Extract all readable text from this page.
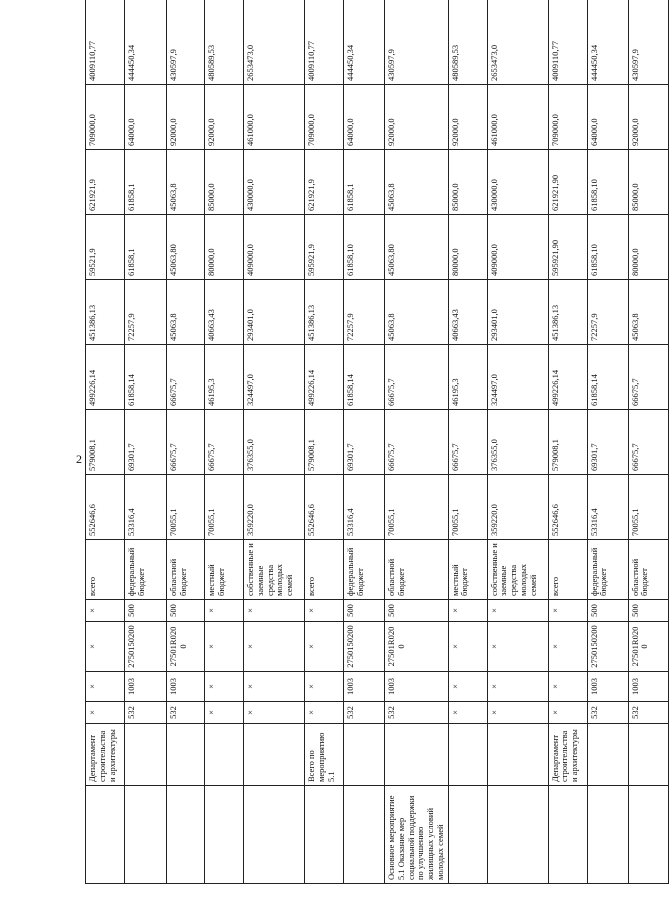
2
	Департамент строительства и архитектуры	×	×	×	×	всего	552646,6	579008,1	499226,14	451386,13	59521,9	621921,9	709000,0	4009110,77
		532	1003	2750150200	500	федеральный бюджет	53316,4	69301,7	61858,14	72257,9	61858,1	61858,1	64000,0	444450,34
		532	1003	27501R0200	500	областной бюджет	70055,1	66675,7	66675,7	45063,8	45063,80	45063,8	92000,0	430597,9
		×	×	×	×	местный бюджет	70055,1	66675,7	46195,3	40663,43	80000,0	85000,0	92000,0	480589,53
		×	×	×	×	собственные и заемные средства молодых семей	359220,0	376355,0	324497,0	293401,0	409000,0	430000,0	461000,0	2653473,0
	Всего по мероприятию 5.1	×	×	×	×	всего	552646,6	579008,1	499226,14	451386,13	595921,9	621921,9	709000,0	4009110,77
		532	1003	2750150200	500	федеральный бюджет	53316,4	69301,7	61858,14	72257,9	61858,10	61858,1	64000,0	444450,34
Основное мероприятие 5.1 Оказание мер социальной поддержки по улучшению жилищных условий молодых семей		532	1003	27501R0200	500	областной бюджет	70055,1	66675,7	66675,7	45063,8	45063,80	45063,8	92000,0	430597,9
		×	×	×	×	местный бюджет	70055,1	66675,7	46195,3	40663,43	80000,0	85000,0	92000,0	480589,53
		×	×	×	×	собственные и заемные средства молодых семей	359220,0	376355,0	324497,0	293401,0	409000,0	430000,0	461000,0	2653473,0
	Департамент строительства и архитектуры	×	×	×	×	всего	552646,6	579008,1	499226,14	451386,13	595921,90	621921,90	709000,0	4009110,77
		532	1003	2750150200	500	федеральный бюджет	53316,4	69301,7	61858,14	72257,9	61858,10	61858,10	64000,0	444450,34
		532	1003	27501R0200	500	областной бюджет	70055,1	66675,7	66675,7	45063,8	80000,0	85000,0	92000,0	430597,9
